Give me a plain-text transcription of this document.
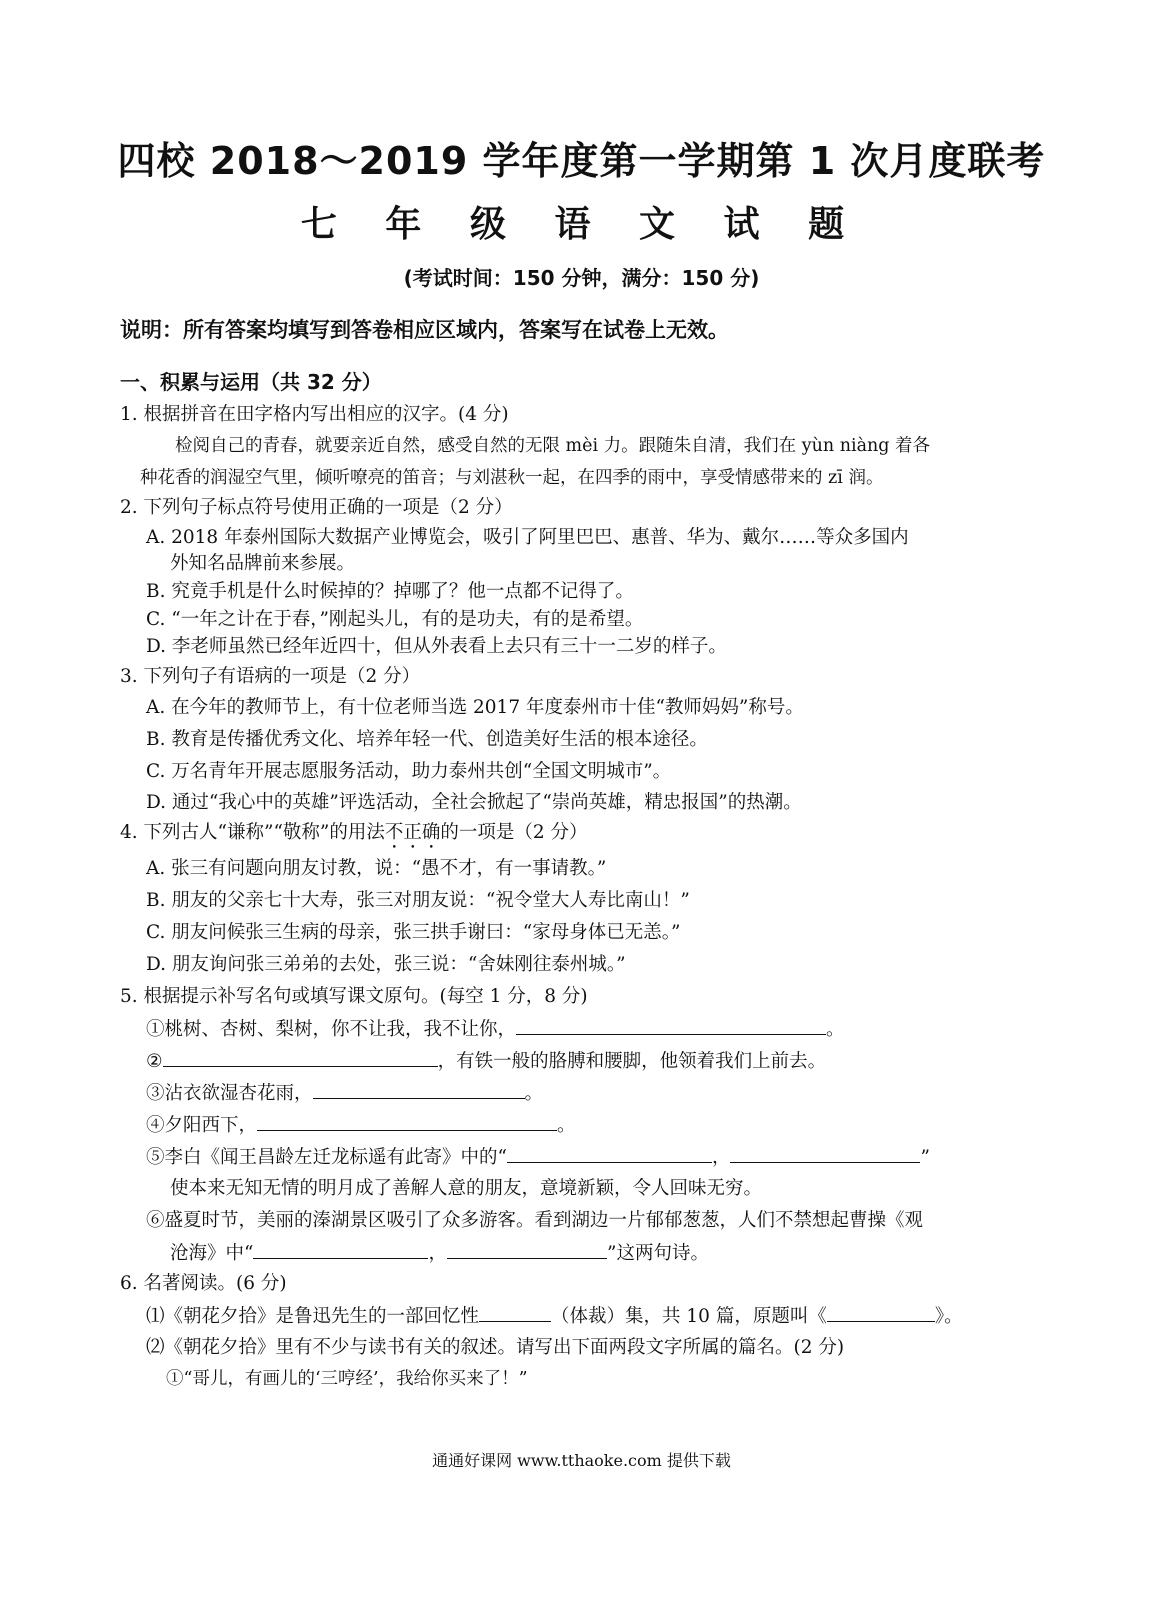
四校 2018～2019 学年度第一学期第 1 次月度联考
七 年 级 语 文 试 题
(考试时间：150 分钟，满分：150 分)
说明：所有答案均填写到答卷相应区域内，答案写在试卷上无效。
一、积累与运用（共 32 分）
1. 根据拼音在田字格内写出相应的汉字。(4 分)
检阅自己的青春，就要亲近自然，感受自然的无限 mèi 力。跟随朱自清，我们在 yùn niàng 着各
种花香的润湿空气里，倾听嘹亮的笛音；与刘湛秋一起，在四季的雨中，享受情感带来的 zī 润。
2. 下列句子标点符号使用正确的一项是（2 分）
A. 2018 年泰州国际大数据产业博览会，吸引了阿里巴巴、惠普、华为、戴尔……等众多国内
外知名品牌前来参展。
B. 究竟手机是什么时候掉的？掉哪了？他一点都不记得了。
C. “一年之计在于春，”刚起头儿，有的是功夫，有的是希望。
D. 李老师虽然已经年近四十，但从外表看上去只有三十一二岁的样子。
3. 下列句子有语病的一项是（2 分）
A. 在今年的教师节上，有十位老师当选 2017 年度泰州市十佳“教师妈妈”称号。
B. 教育是传播优秀文化、培养年轻一代、创造美好生活的根本途径。
C. 万名青年开展志愿服务活动，助力泰州共创“全国文明城市”。
D. 通过“我心中的英雄”评选活动，全社会掀起了“崇尚英雄，精忠报国”的热潮。
4. 下列古人“谦称”“敬称”的用法不正确的一项是（2 分）
A. 张三有问题向朋友讨教，说：“愚不才，有一事请教。”
B. 朋友的父亲七十大寿，张三对朋友说：“祝令堂大人寿比南山！”
C. 朋友问候张三生病的母亲，张三拱手谢曰：“家母身体已无恙。”
D. 朋友询问张三弟弟的去处，张三说：“舍妹刚往泰州城。”
5. 根据提示补写名句或填写课文原句。(每空 1 分，8 分)
①桃树、杏树、梨树，你不让我，我不让你，	。
②	，有铁一般的胳膊和腰脚，他领着我们上前去。
③沾衣欲湿杏花雨，	。
④夕阳西下，	。
⑤李白《闻王昌龄左迁龙标遥有此寄》中的“	，	”
使本来无知无情的明月成了善解人意的朋友，意境新颖，令人回味无穷。
⑥盛夏时节，美丽的溱湖景区吸引了众多游客。看到湖边一片郁郁葱葱，人们不禁想起曹操《观
沧海》中“	，	”这两句诗。
6. 名著阅读。(6 分)
⑴《朝花夕拾》是鲁迅先生的一部回忆性	（体裁）集，共 10 篇，原题叫《	》。
⑵《朝花夕拾》里有不少与读书有关的叙述。请写出下面两段文字所属的篇名。(2 分)
①“哥儿，有画儿的‘三哼经’，我给你买来了！”
通通好课网 www.tthaoke.com 提供下载
